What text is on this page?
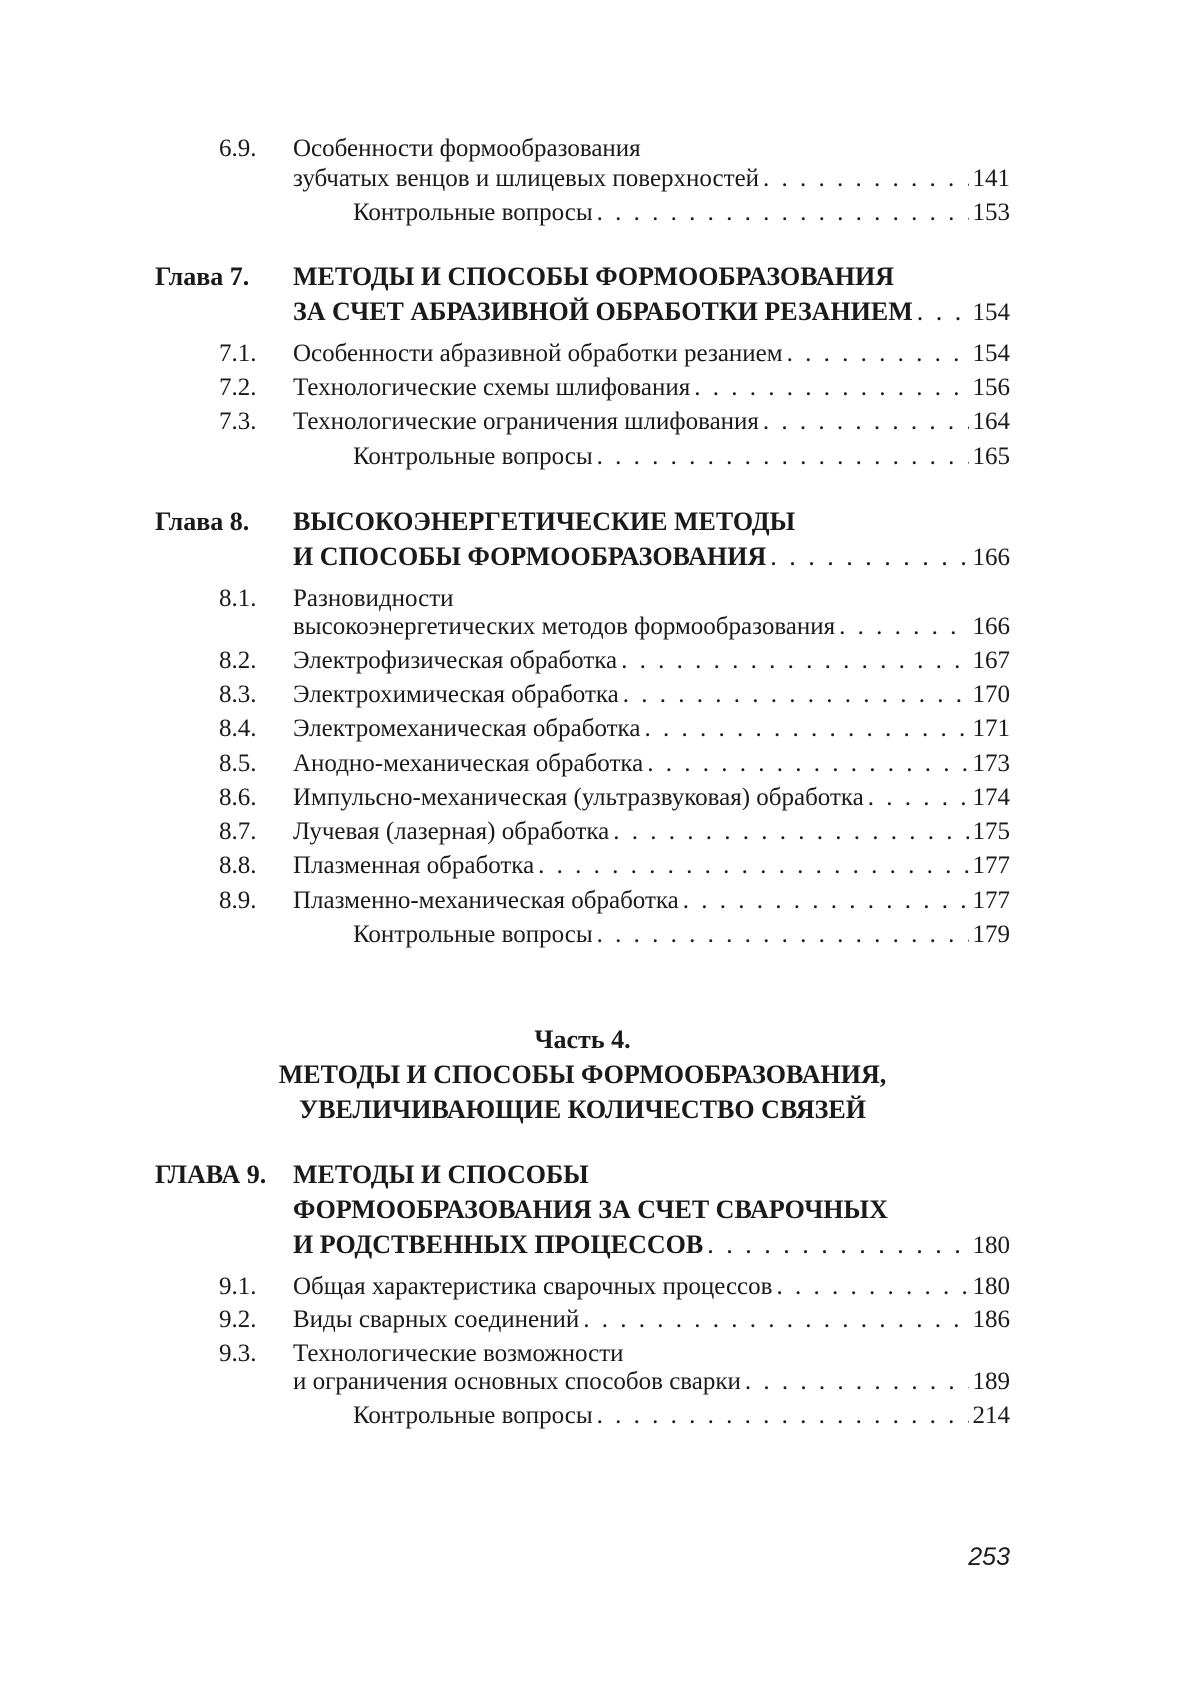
6.9. Особенности формообразования
зубчатых венцов и шлицевых поверхностей . . .	141
Контрольные вопросы . . .	153
Глава 7. МЕТОДЫ И СПОСОБЫ ФОРМООБРАЗОВАНИЯ
ЗА СЧЕТ АБРАЗИВНОЙ ОБРАБОТКИ РЕЗАНИЕМ . . . 154
7.1. Особенности абразивной обработки резанием . . .	154
7.2. Технологические схемы шлифования . . .	156
7.3. Технологические ограничения шлифования . . .	164
Контрольные вопросы . . .	165
Глава 8. ВЫСОКОЭНЕРГЕТИЧЕСКИЕ МЕТОДЫ
И СПОСОБЫ ФОРМООБРАЗОВАНИЯ . . .	166
8.1. Разновидности
высокоэнергетических методов формообразования . . .	166
8.2. Электрофизическая обработка . . .	167
8.3. Электрохимическая обработка . . .	170
8.4. Электромеханическая обработка . . .	171
8.5. Анодно-механическая обработка . . .	173
8.6. Импульсно-механическая (ультразвуковая) обработка . . .	174
8.7. Лучевая (лазерная) обработка . . .	175
8.8. Плазменная обработка . . .	177
8.9. Плазменно-механическая обработка . . .	177
Контрольные вопросы . . .	179
Часть 4.
МЕТОДЫ И СПОСОБЫ ФОРМООБРАЗОВАНИЯ,
УВЕЛИЧИВАЮЩИЕ КОЛИЧЕСТВО СВЯЗЕЙ
ГЛАВА 9. МЕТОДЫ И СПОСОБЫ
ФОРМООБРАЗОВАНИЯ ЗА СЧЕТ СВАРОЧНЫХ
И РОДСТВЕННЫХ ПРОЦЕССОВ . . .	180
9.1. Общая характеристика сварочных процессов . . .	180
9.2. Виды сварных соединений . . .	186
9.3. Технологические возможности
и ограничения основных способов сварки . . .	189
Контрольные вопросы . . .	214
253
